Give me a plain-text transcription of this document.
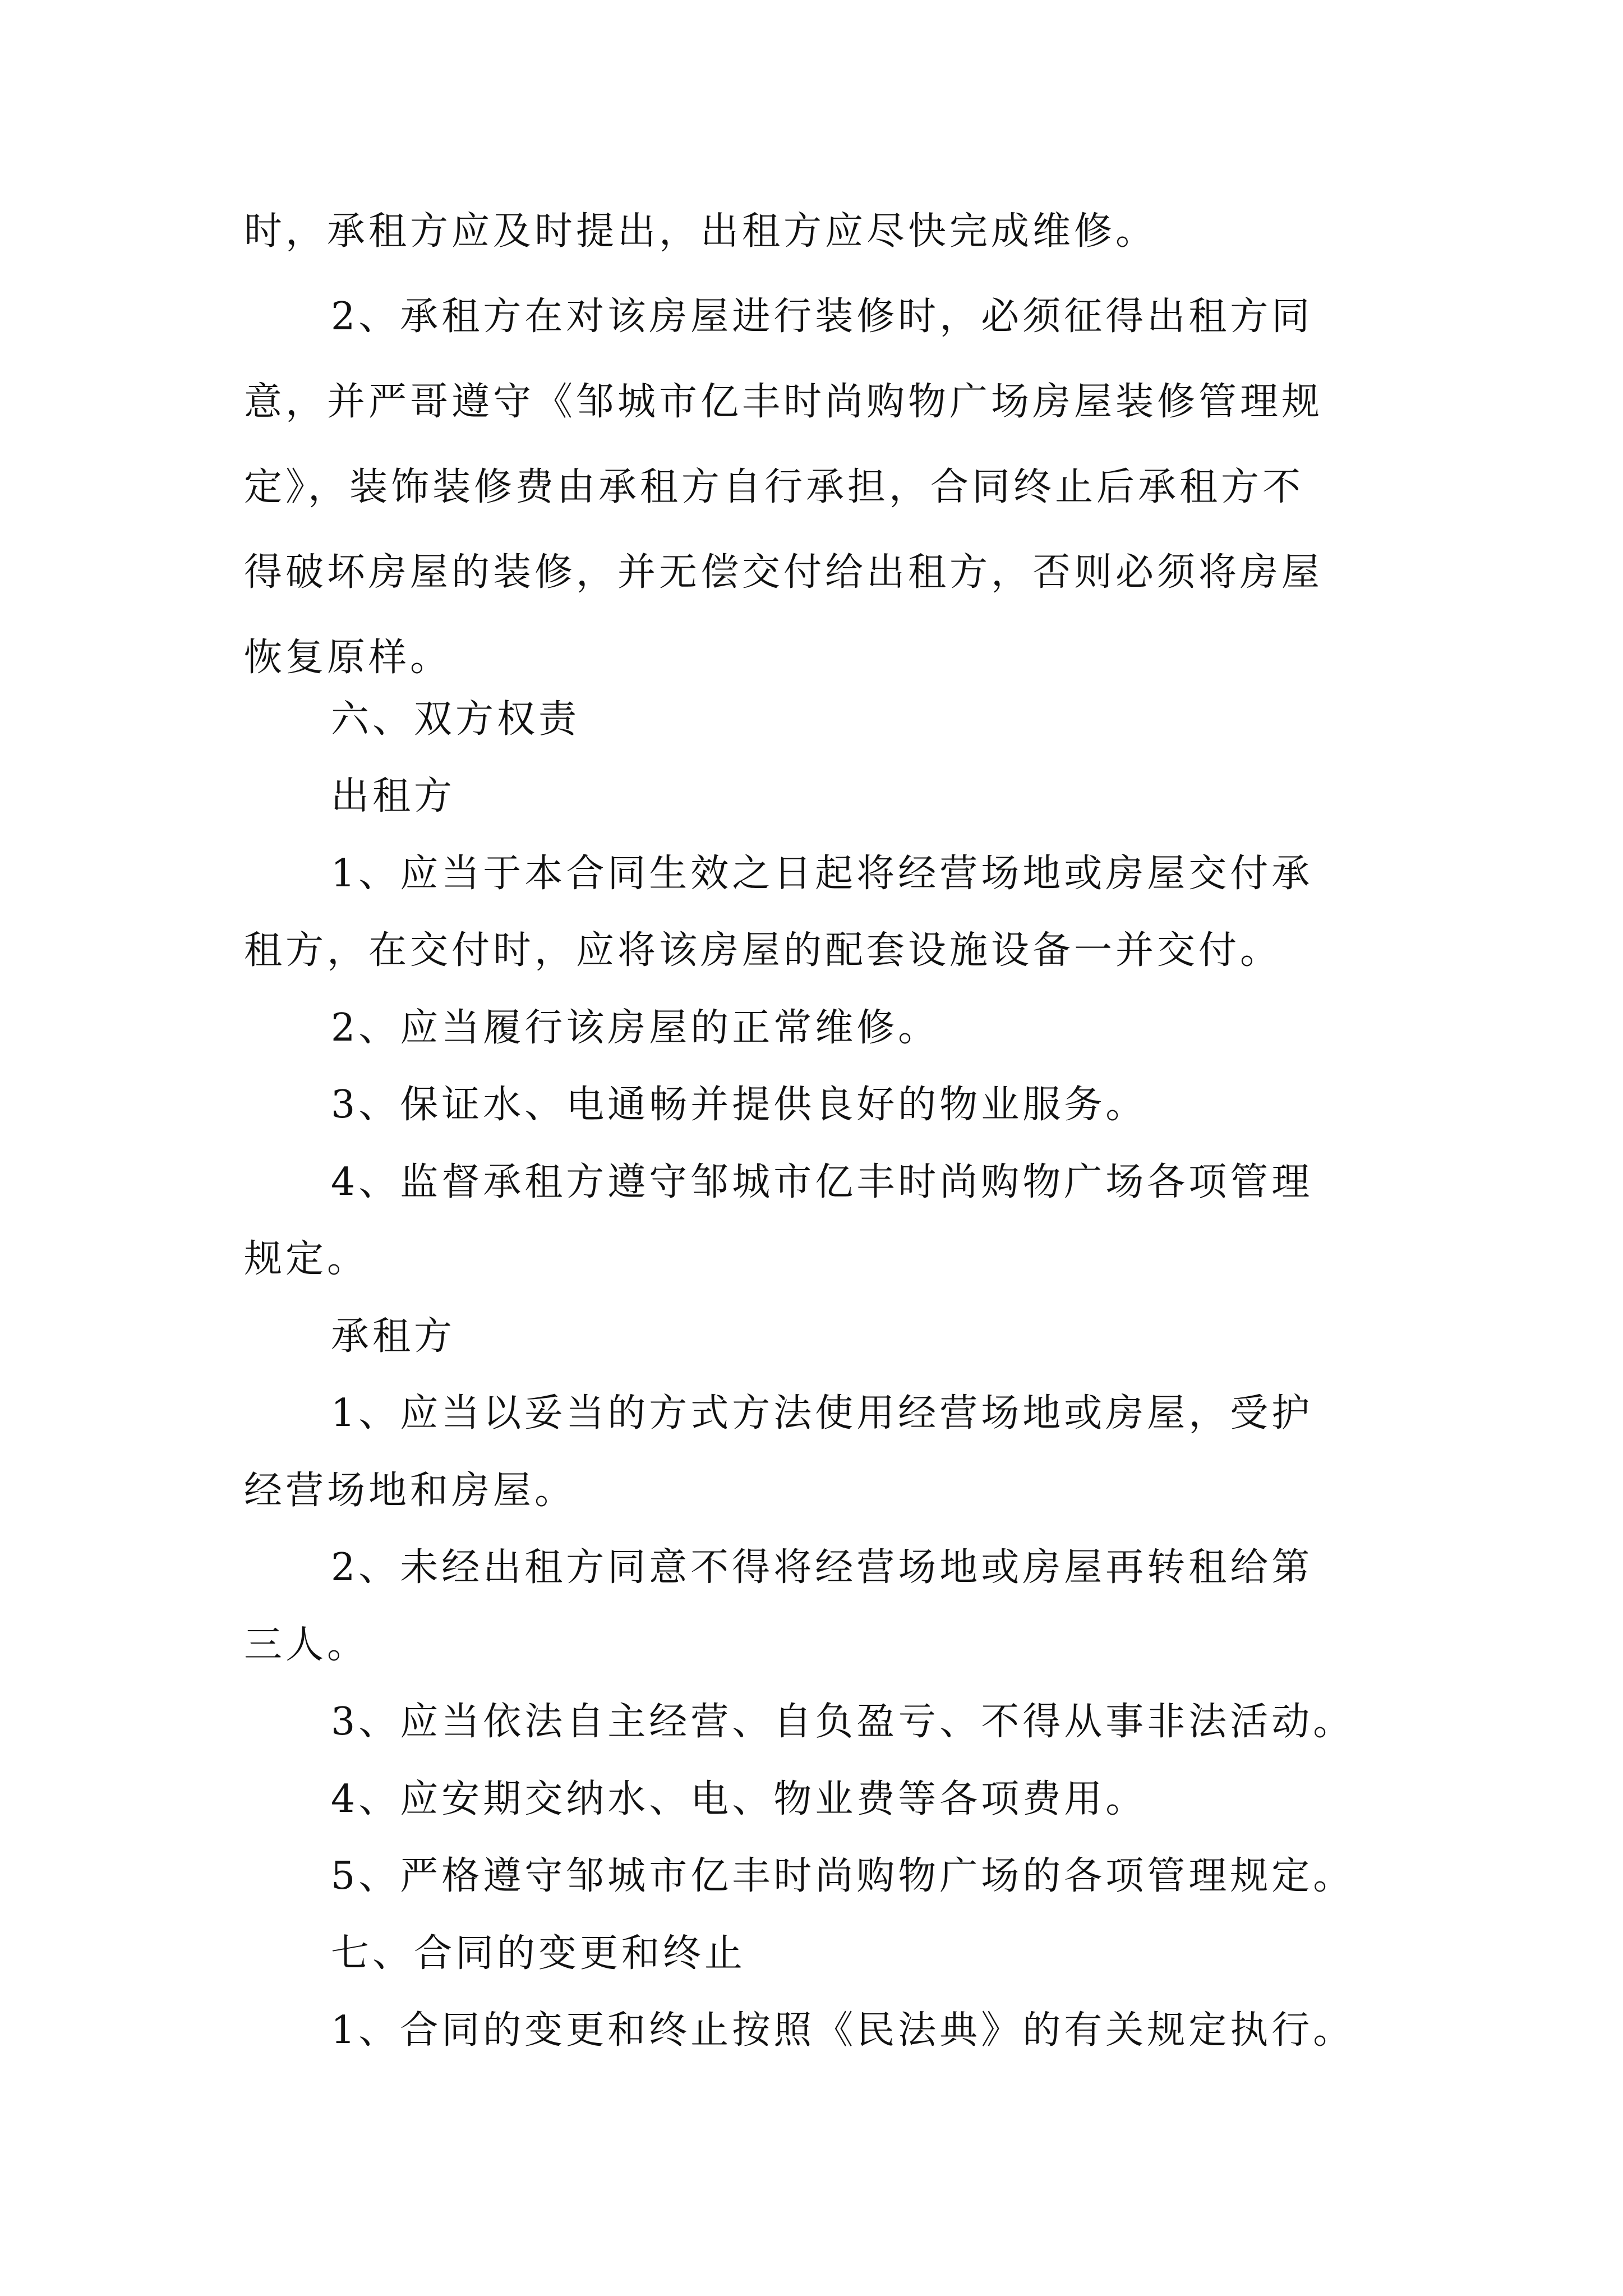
时，承租方应及时提出，出租方应尽快完成维修。
2、承租方在对该房屋进行装修时，必须征得出租方同
意，并严哥遵守《邹城市亿丰时尚购物广场房屋装修管理规
定》，装饰装修费由承租方自行承担，合同终止后承租方不
得破坏房屋的装修，并无偿交付给出租方，否则必须将房屋
恢复原样。
六、双方权责
出租方
1、应当于本合同生效之日起将经营场地或房屋交付承
租方，在交付时，应将该房屋的配套设施设备一并交付。
2、应当履行该房屋的正常维修。
3、保证水、电通畅并提供良好的物业服务。
4、监督承租方遵守邹城市亿丰时尚购物广场各项管理
规定。
承租方
1、应当以妥当的方式方法使用经营场地或房屋，受护
经营场地和房屋。
2、未经出租方同意不得将经营场地或房屋再转租给第
三人。
3、应当依法自主经营、自负盈亏、不得从事非法活动。
4、应安期交纳水、电、物业费等各项费用。
5、严格遵守邹城市亿丰时尚购物广场的各项管理规定。
七、合同的变更和终止
1、合同的变更和终止按照《民法典》的有关规定执行。
